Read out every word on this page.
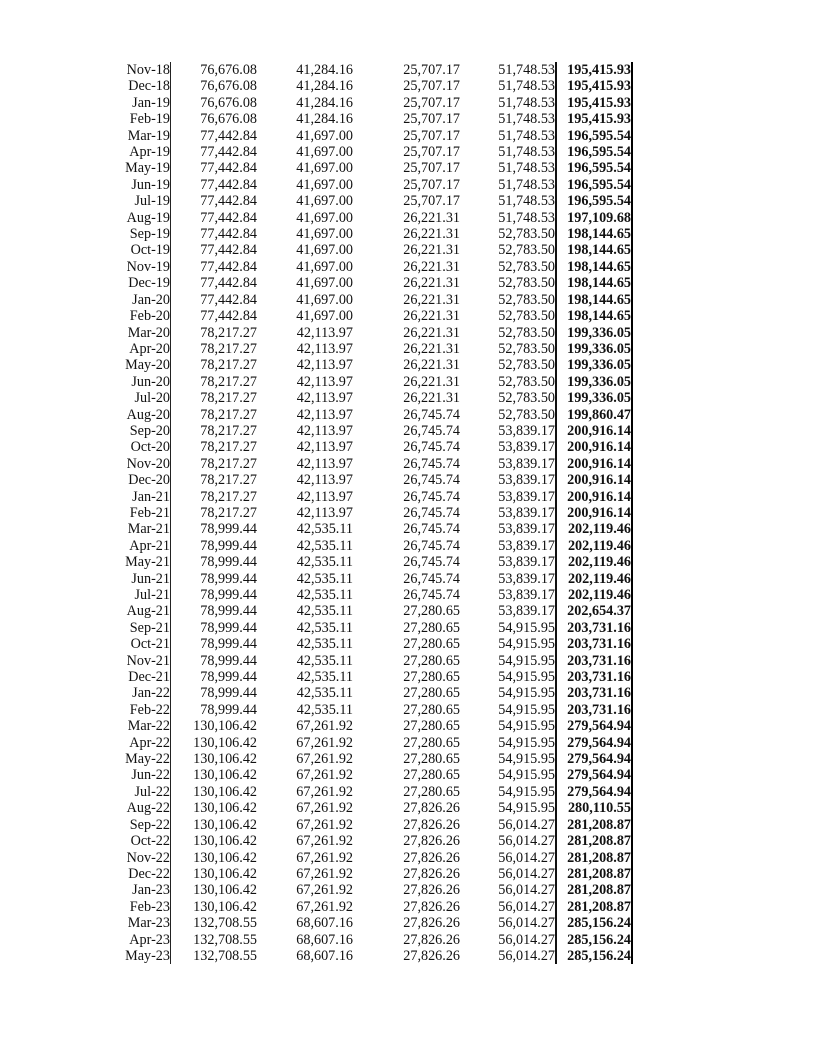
Nov-18	76,676.08	41,284.16	25,707.17	51,748.53	195,415.93
Dec-18	76,676.08	41,284.16	25,707.17	51,748.53	195,415.93
Jan-19	76,676.08	41,284.16	25,707.17	51,748.53	195,415.93
Feb-19	76,676.08	41,284.16	25,707.17	51,748.53	195,415.93
Mar-19	77,442.84	41,697.00	25,707.17	51,748.53	196,595.54
Apr-19	77,442.84	41,697.00	25,707.17	51,748.53	196,595.54
May-19	77,442.84	41,697.00	25,707.17	51,748.53	196,595.54
Jun-19	77,442.84	41,697.00	25,707.17	51,748.53	196,595.54
Jul-19	77,442.84	41,697.00	25,707.17	51,748.53	196,595.54
Aug-19	77,442.84	41,697.00	26,221.31	51,748.53	197,109.68
Sep-19	77,442.84	41,697.00	26,221.31	52,783.50	198,144.65
Oct-19	77,442.84	41,697.00	26,221.31	52,783.50	198,144.65
Nov-19	77,442.84	41,697.00	26,221.31	52,783.50	198,144.65
Dec-19	77,442.84	41,697.00	26,221.31	52,783.50	198,144.65
Jan-20	77,442.84	41,697.00	26,221.31	52,783.50	198,144.65
Feb-20	77,442.84	41,697.00	26,221.31	52,783.50	198,144.65
Mar-20	78,217.27	42,113.97	26,221.31	52,783.50	199,336.05
Apr-20	78,217.27	42,113.97	26,221.31	52,783.50	199,336.05
May-20	78,217.27	42,113.97	26,221.31	52,783.50	199,336.05
Jun-20	78,217.27	42,113.97	26,221.31	52,783.50	199,336.05
Jul-20	78,217.27	42,113.97	26,221.31	52,783.50	199,336.05
Aug-20	78,217.27	42,113.97	26,745.74	52,783.50	199,860.47
Sep-20	78,217.27	42,113.97	26,745.74	53,839.17	200,916.14
Oct-20	78,217.27	42,113.97	26,745.74	53,839.17	200,916.14
Nov-20	78,217.27	42,113.97	26,745.74	53,839.17	200,916.14
Dec-20	78,217.27	42,113.97	26,745.74	53,839.17	200,916.14
Jan-21	78,217.27	42,113.97	26,745.74	53,839.17	200,916.14
Feb-21	78,217.27	42,113.97	26,745.74	53,839.17	200,916.14
Mar-21	78,999.44	42,535.11	26,745.74	53,839.17	202,119.46
Apr-21	78,999.44	42,535.11	26,745.74	53,839.17	202,119.46
May-21	78,999.44	42,535.11	26,745.74	53,839.17	202,119.46
Jun-21	78,999.44	42,535.11	26,745.74	53,839.17	202,119.46
Jul-21	78,999.44	42,535.11	26,745.74	53,839.17	202,119.46
Aug-21	78,999.44	42,535.11	27,280.65	53,839.17	202,654.37
Sep-21	78,999.44	42,535.11	27,280.65	54,915.95	203,731.16
Oct-21	78,999.44	42,535.11	27,280.65	54,915.95	203,731.16
Nov-21	78,999.44	42,535.11	27,280.65	54,915.95	203,731.16
Dec-21	78,999.44	42,535.11	27,280.65	54,915.95	203,731.16
Jan-22	78,999.44	42,535.11	27,280.65	54,915.95	203,731.16
Feb-22	78,999.44	42,535.11	27,280.65	54,915.95	203,731.16
Mar-22	130,106.42	67,261.92	27,280.65	54,915.95	279,564.94
Apr-22	130,106.42	67,261.92	27,280.65	54,915.95	279,564.94
May-22	130,106.42	67,261.92	27,280.65	54,915.95	279,564.94
Jun-22	130,106.42	67,261.92	27,280.65	54,915.95	279,564.94
Jul-22	130,106.42	67,261.92	27,280.65	54,915.95	279,564.94
Aug-22	130,106.42	67,261.92	27,826.26	54,915.95	280,110.55
Sep-22	130,106.42	67,261.92	27,826.26	56,014.27	281,208.87
Oct-22	130,106.42	67,261.92	27,826.26	56,014.27	281,208.87
Nov-22	130,106.42	67,261.92	27,826.26	56,014.27	281,208.87
Dec-22	130,106.42	67,261.92	27,826.26	56,014.27	281,208.87
Jan-23	130,106.42	67,261.92	27,826.26	56,014.27	281,208.87
Feb-23	130,106.42	67,261.92	27,826.26	56,014.27	281,208.87
Mar-23	132,708.55	68,607.16	27,826.26	56,014.27	285,156.24
Apr-23	132,708.55	68,607.16	27,826.26	56,014.27	285,156.24
May-23	132,708.55	68,607.16	27,826.26	56,014.27	285,156.24
